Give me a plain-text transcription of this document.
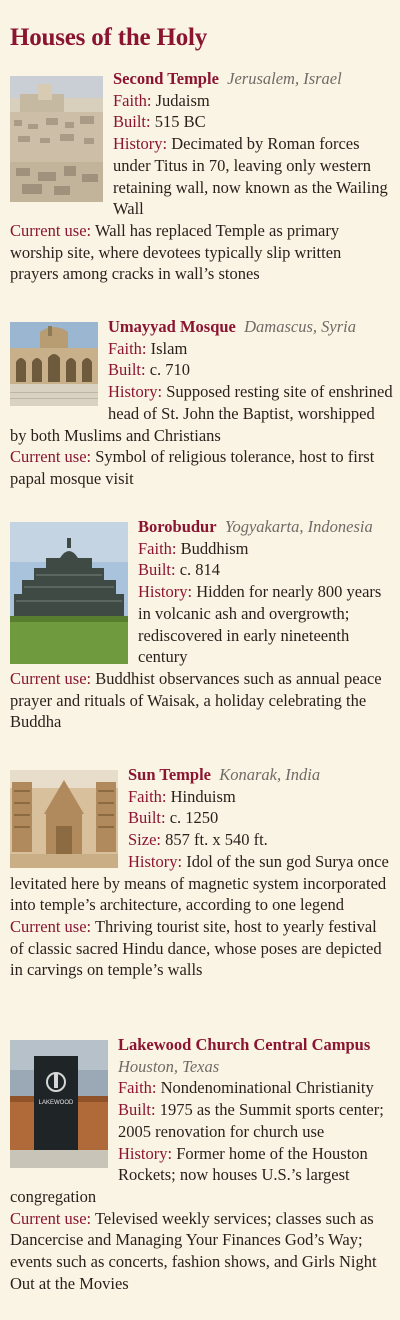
Houses of the Holy
Second Temple Jerusalem, Israel
Faith: Judaism
Built: 515 BC
History: Decimated by Roman forces under Titus in 70, leaving only western retaining wall, now known as the Wailing Wall
Current use: Wall has replaced Temple as primary worship site, where devotees typically slip written prayers among cracks in wall’s stones
Umayyad Mosque Damascus, Syria
Faith: Islam
Built: c. 710
History: Supposed resting site of enshrined head of St. John the Baptist, worshipped by both Muslims and Christians
Current use: Symbol of religious tolerance, host to first papal mosque visit
Borobudur Yogyakarta, Indonesia
Faith: Buddhism
Built: c. 814
History: Hidden for nearly 800 years in volcanic ash and overgrowth; rediscovered in early nineteenth century
Current use: Buddhist observances such as annual peace prayer and rituals of Waisak, a holiday celebrating the Buddha
Sun Temple Konarak, India
Faith: Hinduism
Built: c. 1250
Size: 857 ft. x 540 ft.
History: Idol of the sun god Surya once levitated here by means of magnetic system incorporated into temple’s architecture, according to one legend
Current use: Thriving tourist site, host to yearly festival of classic sacred Hindu dance, whose poses are depicted in carvings on temple’s walls
LAKEWOOD
Lakewood Church Central Campus
Houston, Texas
Faith: Nondenominational Christianity
Built: 1975 as the Summit sports center; 2005 renovation for church use
History: Former home of the Houston Rockets; now houses U.S.’s largest congregation
Current use: Televised weekly services; classes such as Dancercise and Managing Your Finances God’s Way; events such as concerts, fashion shows, and Girls Night Out at the Movies
